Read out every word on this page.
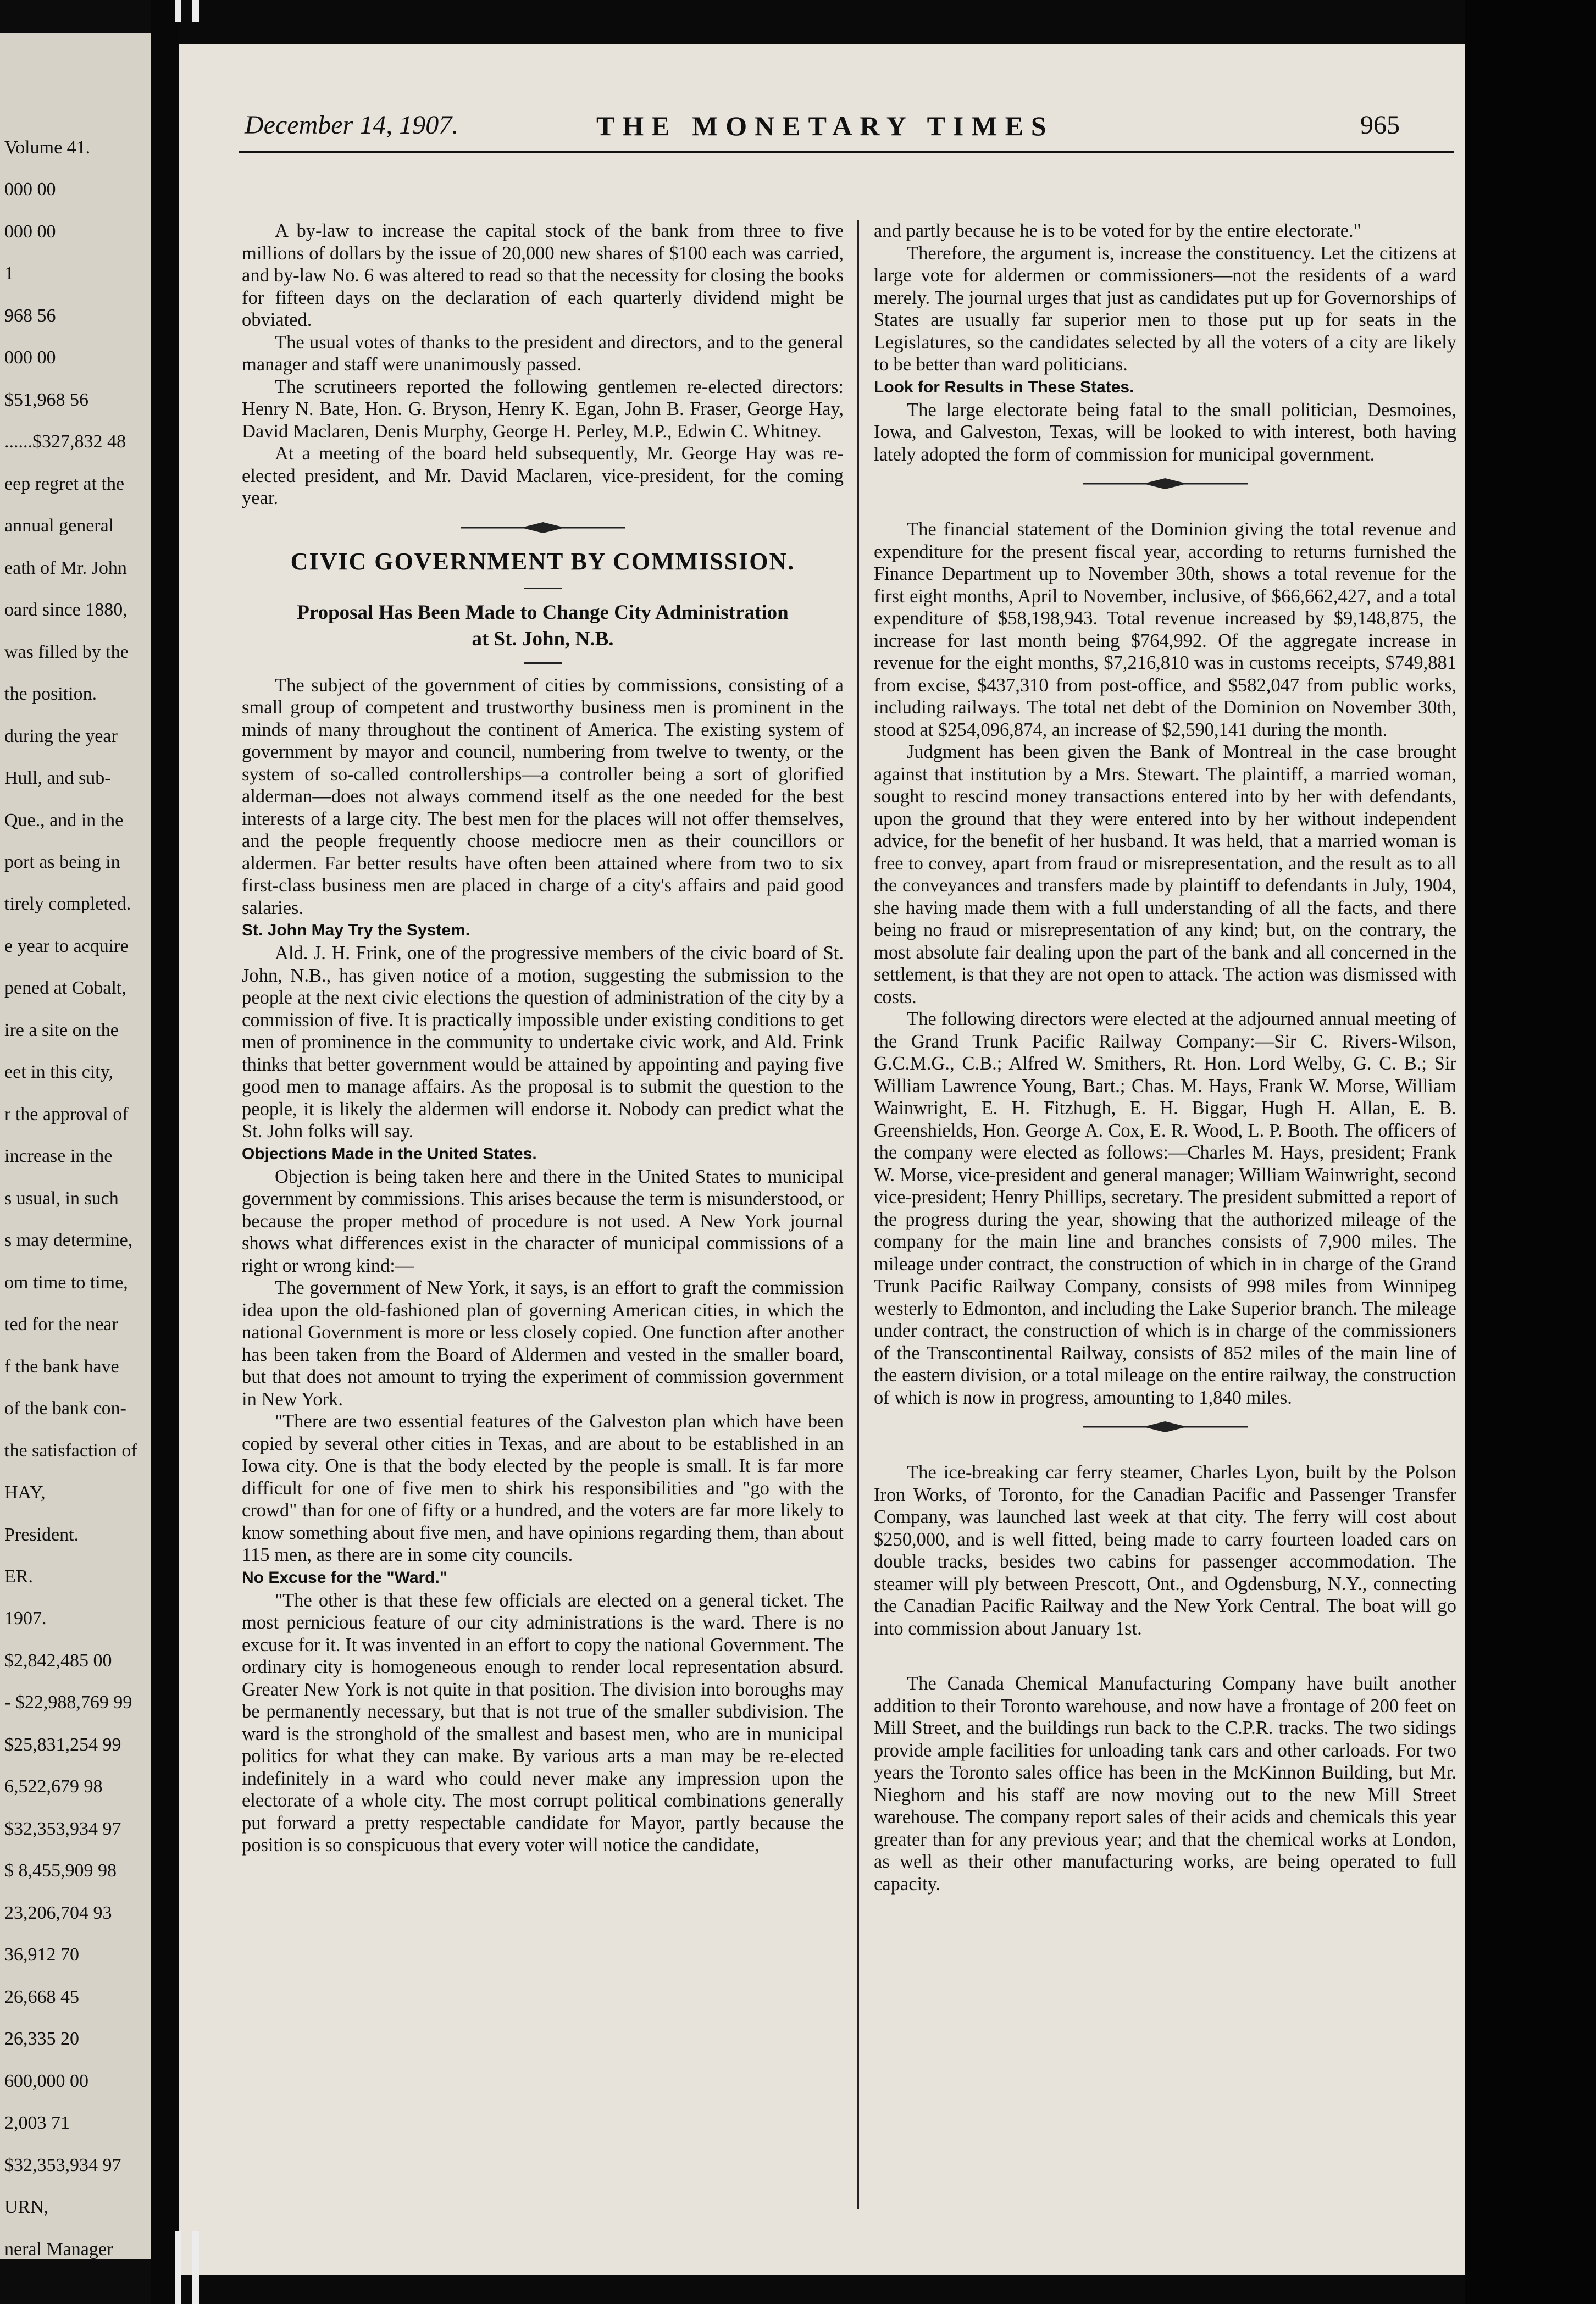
Volume 41.
000 00
000 00
1
968 56
000 00
$51,968 56
......$327,832 48
eep regret at the
annual general
eath of Mr. John
oard since 1880,
was filled by the
the position.
during the year
Hull, and sub-
Que., and in the
port as being in
tirely completed.
e year to acquire
pened at Cobalt,
ire a site on the
eet in this city,
r the approval of
increase in the
s usual, in such
s may determine,
om time to time,
ted for the near
f the bank have
of the bank con-
the satisfaction of
HAY,
President.
ER.
1907.
$2,842,485 00
- $22,988,769 99
$25,831,254 99
6,522,679 98
$32,353,934 97
$ 8,455,909 98
23,206,704 93
36,912 70
26,668 45
26,335 20
600,000 00
2,003 71
$32,353,934 97
URN,
neral Manager
December 14, 1907.	THE MONETARY TIMES	965

A by-law to increase the capital stock of the bank from three to five millions of dollars by the issue of 20,000 new shares of $100 each was carried, and by-law No. 6 was altered to read so that the necessity for closing the books for fifteen days on the declaration of each quarterly dividend might be obviated.

The usual votes of thanks to the president and directors, and to the general manager and staff were unanimously passed.

The scrutineers reported the following gentlemen re-elected directors: Henry N. Bate, Hon. G. Bryson, Henry K. Egan, John B. Fraser, George Hay, David Maclaren, Denis Murphy, George H. Perley, M.P., Edwin C. Whitney.

At a meeting of the board held subsequently, Mr. George Hay was re-elected president, and Mr. David Maclaren, vice-president, for the coming year.

CIVIC GOVERNMENT BY COMMISSION.

Proposal Has Been Made to Change City Administration

at St. John, N.B.

The subject of the government of cities by commissions, consisting of a small group of competent and trustworthy business men is prominent in the minds of many throughout the continent of America. The existing system of government by mayor and council, numbering from twelve to twenty, or the system of so-called controllerships—a controller being a sort of glorified alderman—does not always commend itself as the one needed for the best interests of a large city. The best men for the places will not offer themselves, and the people frequently choose mediocre men as their councillors or aldermen. Far better results have often been attained where from two to six first-class business men are placed in charge of a city's affairs and paid good salaries.

St. John May Try the System.

Ald. J. H. Frink, one of the progressive members of the civic board of St. John, N.B., has given notice of a motion, suggesting the submission to the people at the next civic elections the question of administration of the city by a commission of five. It is practically impossible under existing conditions to get men of prominence in the community to undertake civic work, and Ald. Frink thinks that better government would be attained by appointing and paying five good men to manage affairs. As the proposal is to submit the question to the people, it is likely the aldermen will endorse it. Nobody can predict what the St. John folks will say.

Objections Made in the United States.

Objection is being taken here and there in the United States to municipal government by commissions. This arises because the term is misunderstood, or because the proper method of procedure is not used. A New York journal shows what differences exist in the character of municipal commissions of a right or wrong kind:—

The government of New York, it says, is an effort to graft the commission idea upon the old-fashioned plan of governing American cities, in which the national Government is more or less closely copied. One function after another has been taken from the Board of Aldermen and vested in the smaller board, but that does not amount to trying the experiment of commission government in New York.

"There are two essential features of the Galveston plan which have been copied by several other cities in Texas, and are about to be established in an Iowa city. One is that the body elected by the people is small. It is far more difficult for one of five men to shirk his responsibilities and "go with the crowd" than for one of fifty or a hundred, and the voters are far more likely to know something about five men, and have opinions regarding them, than about 115 men, as there are in some city councils.

No Excuse for the "Ward."

"The other is that these few officials are elected on a general ticket. The most pernicious feature of our city administrations is the ward. There is no excuse for it. It was invented in an effort to copy the national Government. The ordinary city is homogeneous enough to render local representation absurd. Greater New York is not quite in that position. The division into boroughs may be permanently necessary, but that is not true of the smaller subdivision. The ward is the stronghold of the smallest and basest men, who are in municipal politics for what they can make. By various arts a man may be re-elected indefinitely in a ward who could never make any impression upon the electorate of a whole city. The most corrupt political combinations generally put forward a pretty respectable candidate for Mayor, partly because the position is so conspicuous that every voter will notice the candidate,

and partly because he is to be voted for by the entire electorate."

Therefore, the argument is, increase the constituency. Let the citizens at large vote for aldermen or commissioners—not the residents of a ward merely. The journal urges that just as candidates put up for Governorships of States are usually far superior men to those put up for seats in the Legislatures, so the candidates selected by all the voters of a city are likely to be better than ward politicians.

Look for Results in These States.

The large electorate being fatal to the small politician, Desmoines, Iowa, and Galveston, Texas, will be looked to with interest, both having lately adopted the form of commission for municipal government.

The financial statement of the Dominion giving the total revenue and expenditure for the present fiscal year, according to returns furnished the Finance Department up to November 30th, shows a total revenue for the first eight months, April to November, inclusive, of $66,662,427, and a total expenditure of $58,198,943. Total revenue increased by $9,148,875, the increase for last month being $764,992. Of the aggregate increase in revenue for the eight months, $7,216,810 was in customs receipts, $749,881 from excise, $437,310 from post-office, and $582,047 from public works, including railways. The total net debt of the Dominion on November 30th, stood at $254,096,874, an increase of $2,590,141 during the month.

Judgment has been given the Bank of Montreal in the case brought against that institution by a Mrs. Stewart. The plaintiff, a married woman, sought to rescind money transactions entered into by her with defendants, upon the ground that they were entered into by her without independent advice, for the benefit of her husband. It was held, that a married woman is free to convey, apart from fraud or misrepresentation, and the result as to all the conveyances and transfers made by plaintiff to defendants in July, 1904, she having made them with a full understanding of all the facts, and there being no fraud or misrepresentation of any kind; but, on the contrary, the most absolute fair dealing upon the part of the bank and all concerned in the settlement, is that they are not open to attack. The action was dismissed with costs.

The following directors were elected at the adjourned annual meeting of the Grand Trunk Pacific Railway Company:—Sir C. Rivers-Wilson, G.C.M.G., C.B.; Alfred W. Smithers, Rt. Hon. Lord Welby, G. C. B.; Sir William Lawrence Young, Bart.; Chas. M. Hays, Frank W. Morse, William Wainwright, E. H. Fitzhugh, E. H. Biggar, Hugh H. Allan, E. B. Greenshields, Hon. George A. Cox, E. R. Wood, L. P. Booth. The officers of the company were elected as follows:—Charles M. Hays, president; Frank W. Morse, vice-president and general manager; William Wainwright, second vice-president; Henry Phillips, secretary. The president submitted a report of the progress during the year, showing that the authorized mileage of the company for the main line and branches consists of 7,900 miles. The mileage under contract, the construction of which in in charge of the Grand Trunk Pacific Railway Company, consists of 998 miles from Winnipeg westerly to Edmonton, and including the Lake Superior branch. The mileage under contract, the construction of which is in charge of the commissioners of the Transcontinental Railway, consists of 852 miles of the main line of the eastern division, or a total mileage on the entire railway, the construction of which is now in progress, amounting to 1,840 miles.

The ice-breaking car ferry steamer, Charles Lyon, built by the Polson Iron Works, of Toronto, for the Canadian Pacific and Passenger Transfer Company, was launched last week at that city. The ferry will cost about $250,000, and is well fitted, being made to carry fourteen loaded cars on double tracks, besides two cabins for passenger accommodation. The steamer will ply between Prescott, Ont., and Ogdensburg, N.Y., connecting the Canadian Pacific Railway and the New York Central. The boat will go into commission about January 1st.

The Canada Chemical Manufacturing Company have built another addition to their Toronto warehouse, and now have a frontage of 200 feet on Mill Street, and the buildings run back to the C.P.R. tracks. The two sidings provide ample facilities for unloading tank cars and other carloads. For two years the Toronto sales office has been in the McKinnon Building, but Mr. Nieghorn and his staff are now moving out to the new Mill Street warehouse. The company report sales of their acids and chemicals this year greater than for any previous year; and that the chemical works at London, as well as their other manufacturing works, are being operated to full capacity.
